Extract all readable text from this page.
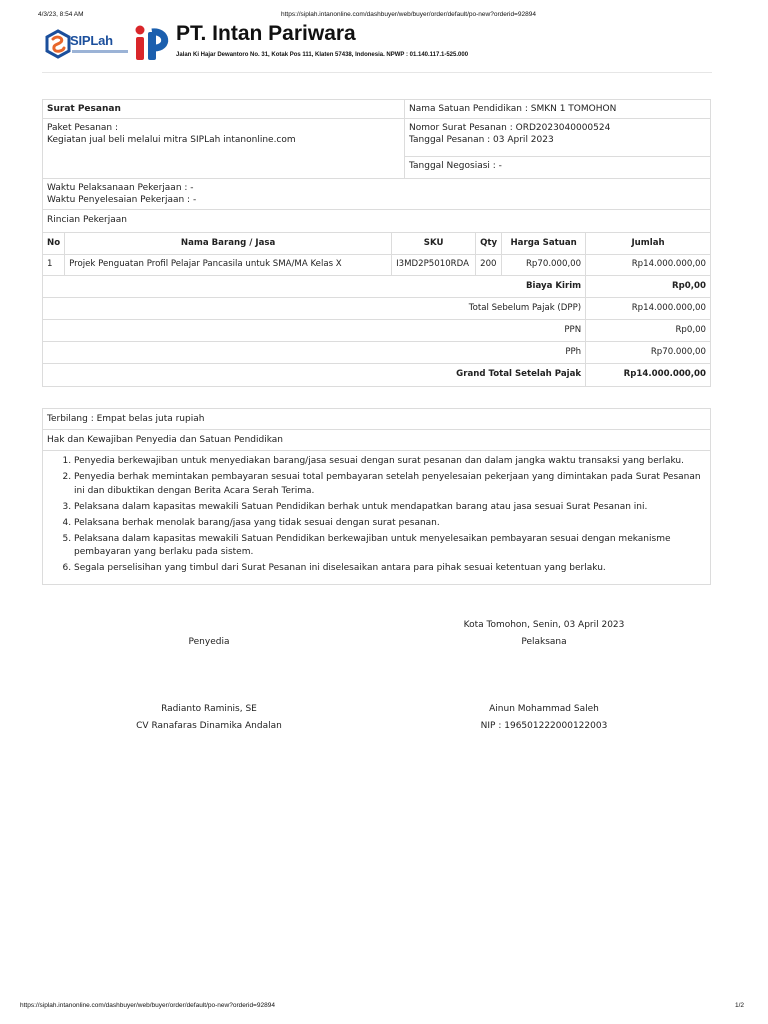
4/3/23, 8:54 AM	https://siplah.intanonline.com/dashbuyer/web/buyer/order/default/po-new?orderid=92894
SIPLah	PT. Intan Pariwara
Jalan Ki Hajar Dewantoro No. 31, Kotak Pos 111, Klaten 57438, Indonesia. NPWP : 01.140.117.1-525.000
Surat Pesanan	Nama Satuan Pendidikan : SMKN 1 TOMOHON
Paket Pesanan :
Kegiatan jual beli melalui mitra SIPLah intanonline.com
Nomor Surat Pesanan : ORD2023040000524
Tanggal Pesanan : 03 April 2023
Tanggal Negosiasi : -
Waktu Pelaksanaan Pekerjaan : -
Waktu Penyelesaian Pekerjaan : -
Rincian Pekerjaan
No	Nama Barang / Jasa	SKU	Qty	Harga Satuan	Jumlah
1	Projek Penguatan Profil Pelajar Pancasila untuk SMA/MA Kelas X	I3MD2P5010RDA	200	Rp70.000,00	Rp14.000.000,00
Biaya Kirim					Rp0,00
Total Sebelum Pajak (DPP)					Rp14.000.000,00
PPN					Rp0,00
PPh					Rp70.000,00
Grand Total Setelah Pajak					Rp14.000.000,00
Terbilang : Empat belas juta rupiah
Hak dan Kewajiban Penyedia dan Satuan Pendidikan
1. Penyedia berkewajiban untuk menyediakan barang/jasa sesuai dengan surat pesanan dan dalam jangka waktu transaksi yang berlaku.
2. Penyedia berhak memintakan pembayaran sesuai total pembayaran setelah penyelesaian pekerjaan yang dimintakan pada Surat Pesanan ini dan dibuktikan dengan Berita Acara Serah Terima.
3. Pelaksana dalam kapasitas mewakili Satuan Pendidikan berhak untuk mendapatkan barang atau jasa sesuai Surat Pesanan ini.
4. Pelaksana berhak menolak barang/jasa yang tidak sesuai dengan surat pesanan.
5. Pelaksana dalam kapasitas mewakili Satuan Pendidikan berkewajiban untuk menyelesaikan pembayaran sesuai dengan mekanisme pembayaran yang berlaku pada sistem.
6. Segala perselisihan yang timbul dari Surat Pesanan ini diselesaikan antara para pihak sesuai ketentuan yang berlaku.
Kota Tomohon, Senin, 03 April 2023
Penyedia	Pelaksana
Radianto Raminis, SE
CV Ranafaras Dinamika Andalan
Ainun Mohammad Saleh
NIP : 196501222000122003
https://siplah.intanonline.com/dashbuyer/web/buyer/order/default/po-new?orderid=92894	1/2
